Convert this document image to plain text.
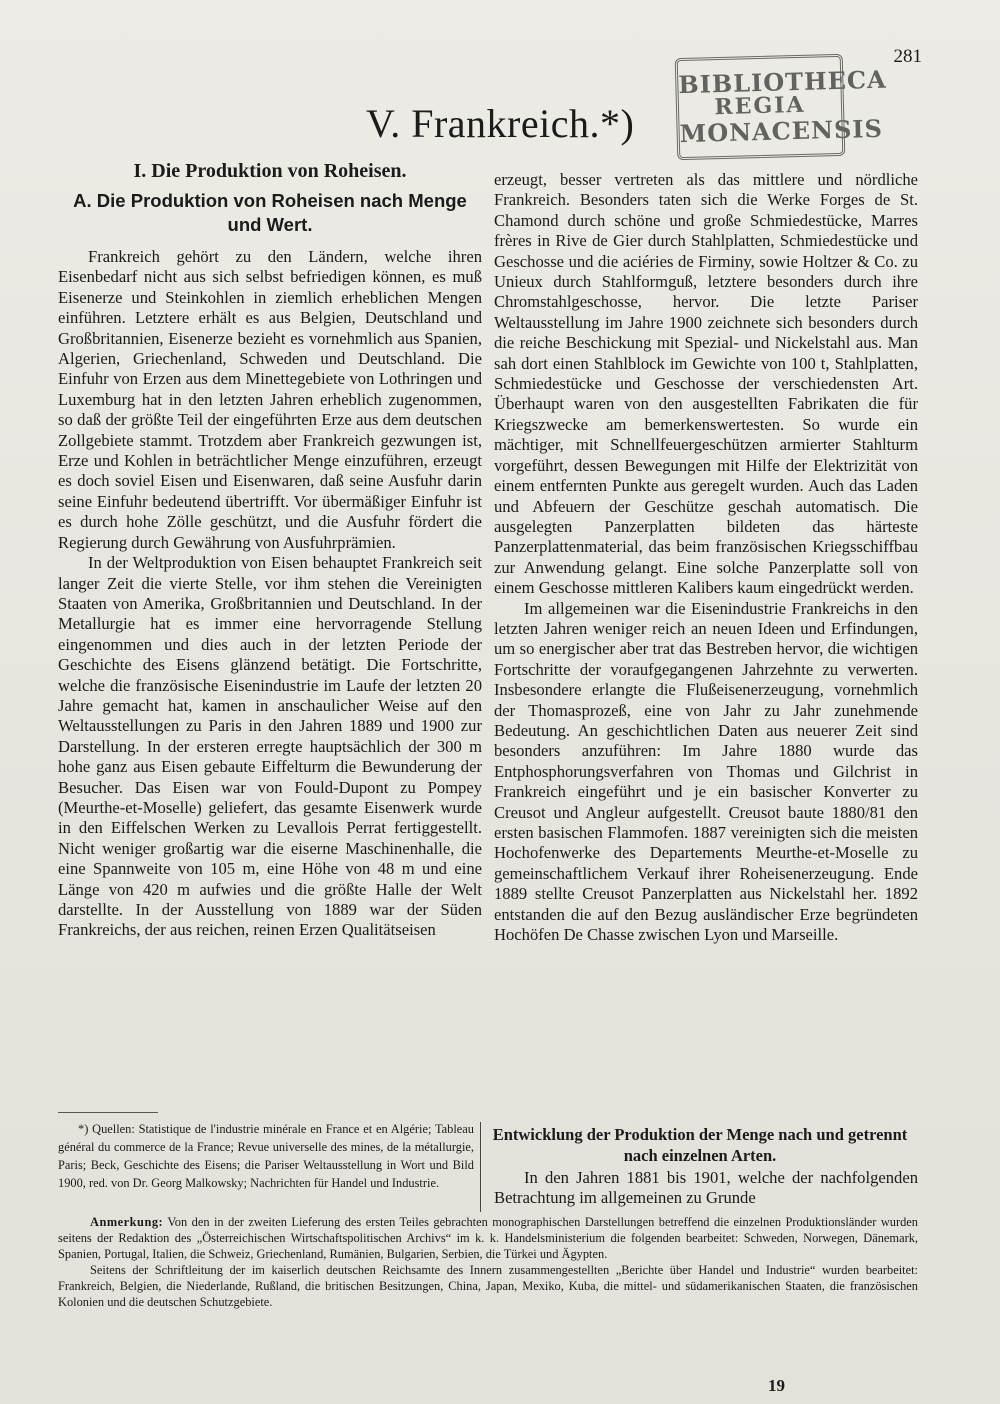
281
BIBLIOTHECA
REGIA
MONACENSIS
V. Frankreich.*)
I. Die Produktion von Roheisen.
A. Die Produktion von Roheisen nach Menge und Wert.

Frankreich gehört zu den Ländern, welche ihren Eisenbedarf nicht aus sich selbst befriedigen können, es muß Eisenerze und Steinkohlen in ziemlich erheblichen Mengen einführen. Letztere erhält es aus Belgien, Deutschland und Großbritannien, Eisenerze bezieht es vornehmlich aus Spanien, Algerien, Griechenland, Schweden und Deutschland. Die Einfuhr von Erzen aus dem Minettegebiete von Lothringen und Luxemburg hat in den letzten Jahren erheblich zugenommen, so daß der größte Teil der eingeführten Erze aus dem deutschen Zollgebiete stammt. Trotzdem aber Frankreich gezwungen ist, Erze und Kohlen in beträchtlicher Menge einzuführen, erzeugt es doch soviel Eisen und Eisenwaren, daß seine Ausfuhr darin seine Einfuhr bedeutend übertrifft. Vor übermäßiger Einfuhr ist es durch hohe Zölle geschützt, und die Ausfuhr fördert die Regierung durch Gewährung von Ausfuhrprämien.

In der Weltproduktion von Eisen behauptet Frankreich seit langer Zeit die vierte Stelle, vor ihm stehen die Vereinigten Staaten von Amerika, Großbritannien und Deutschland. In der Metallurgie hat es immer eine hervorragende Stellung eingenommen und dies auch in der letzten Periode der Geschichte des Eisens glänzend betätigt. Die Fortschritte, welche die französische Eisenindustrie im Laufe der letzten 20 Jahre gemacht hat, kamen in anschaulicher Weise auf den Weltausstellungen zu Paris in den Jahren 1889 und 1900 zur Darstellung. In der ersteren erregte hauptsächlich der 300 m hohe ganz aus Eisen gebaute Eiffelturm die Bewunderung der Besucher. Das Eisen war von Fould-Dupont zu Pompey (Meurthe-et-Moselle) geliefert, das gesamte Eisenwerk wurde in den Eiffelschen Werken zu Levallois Perrat fertiggestellt. Nicht weniger großartig war die eiserne Maschinenhalle, die eine Spannweite von 105 m, eine Höhe von 48 m und eine Länge von 420 m aufwies und die größte Halle der Welt darstellte. In der Ausstellung von 1889 war der Süden Frankreichs, der aus reichen, reinen Erzen Qualitätseisen

erzeugt, besser vertreten als das mittlere und nördliche Frankreich. Besonders taten sich die Werke Forges de St. Chamond durch schöne und große Schmiedestücke, Marres frères in Rive de Gier durch Stahlplatten, Schmiedestücke und Geschosse und die aciéries de Firminy, sowie Holtzer & Co. zu Unieux durch Stahlformguß, letztere besonders durch ihre Chromstahlgeschosse, hervor. Die letzte Pariser Weltausstellung im Jahre 1900 zeichnete sich besonders durch die reiche Beschickung mit Spezial- und Nickelstahl aus. Man sah dort einen Stahlblock im Gewichte von 100 t, Stahlplatten, Schmiedestücke und Geschosse der verschiedensten Art. Überhaupt waren von den ausgestellten Fabrikaten die für Kriegszwecke am bemerkenswertesten. So wurde ein mächtiger, mit Schnellfeuergeschützen armierter Stahlturm vorgeführt, dessen Bewegungen mit Hilfe der Elektrizität von einem entfernten Punkte aus geregelt wurden. Auch das Laden und Abfeuern der Geschütze geschah automatisch. Die ausgelegten Panzerplatten bildeten das härteste Panzerplattenmaterial, das beim französischen Kriegsschiffbau zur Anwendung gelangt. Eine solche Panzerplatte soll von einem Geschosse mittleren Kalibers kaum eingedrückt werden.

Im allgemeinen war die Eisenindustrie Frankreichs in den letzten Jahren weniger reich an neuen Ideen und Erfindungen, um so energischer aber trat das Bestreben hervor, die wichtigen Fortschritte der voraufgegangenen Jahrzehnte zu verwerten. Insbesondere erlangte die Flußeisenerzeugung, vornehmlich der Thomasprozeß, eine von Jahr zu Jahr zunehmende Bedeutung. An geschichtlichen Daten aus neuerer Zeit sind besonders anzuführen: Im Jahre 1880 wurde das Entphosphorungsverfahren von Thomas und Gilchrist in Frankreich eingeführt und je ein basischer Konverter zu Creusot und Angleur aufgestellt. Creusot baute 1880/81 den ersten basischen Flammofen. 1887 vereinigten sich die meisten Hochofenwerke des Departements Meurthe-et-Moselle zu gemeinschaftlichem Verkauf ihrer Roheisenerzeugung. Ende 1889 stellte Creusot Panzerplatten aus Nickelstahl her. 1892 entstanden die auf den Bezug ausländischer Erze begründeten Hochöfen De Chasse zwischen Lyon und Marseille.

*) Quellen: Statistique de l'industrie minérale en France et en Algérie; Tableau général du commerce de la France; Revue universelle des mines, de la métallurgie, Paris; Beck, Geschichte des Eisens; die Pariser Weltausstellung in Wort und Bild 1900, red. von Dr. Georg Malkowsky; Nachrichten für Handel und Industrie.
Entwicklung der Produktion der Menge nach und getrennt nach einzelnen Arten.
In den Jahren 1881 bis 1901, welche der nachfolgenden Betrachtung im allgemeinen zu Grunde

Anmerkung: Von den in der zweiten Lieferung des ersten Teiles gebrachten monographischen Darstellungen betreffend die einzelnen Produktionsländer wurden seitens der Redaktion des „Österreichischen Wirtschaftspolitischen Archivs“ im k. k. Handelsministerium die folgenden bearbeitet: Schweden, Norwegen, Dänemark, Spanien, Portugal, Italien, die Schweiz, Griechenland, Rumänien, Bulgarien, Serbien, die Türkei und Ägypten.

Seitens der Schriftleitung der im kaiserlich deutschen Reichsamte des Innern zusammengestellten „Berichte über Handel und Industrie“ wurden bearbeitet: Frankreich, Belgien, die Niederlande, Rußland, die britischen Besitzungen, China, Japan, Mexiko, Kuba, die mittel- und südamerikanischen Staaten, die französischen Kolonien und die deutschen Schutzgebiete.

19
